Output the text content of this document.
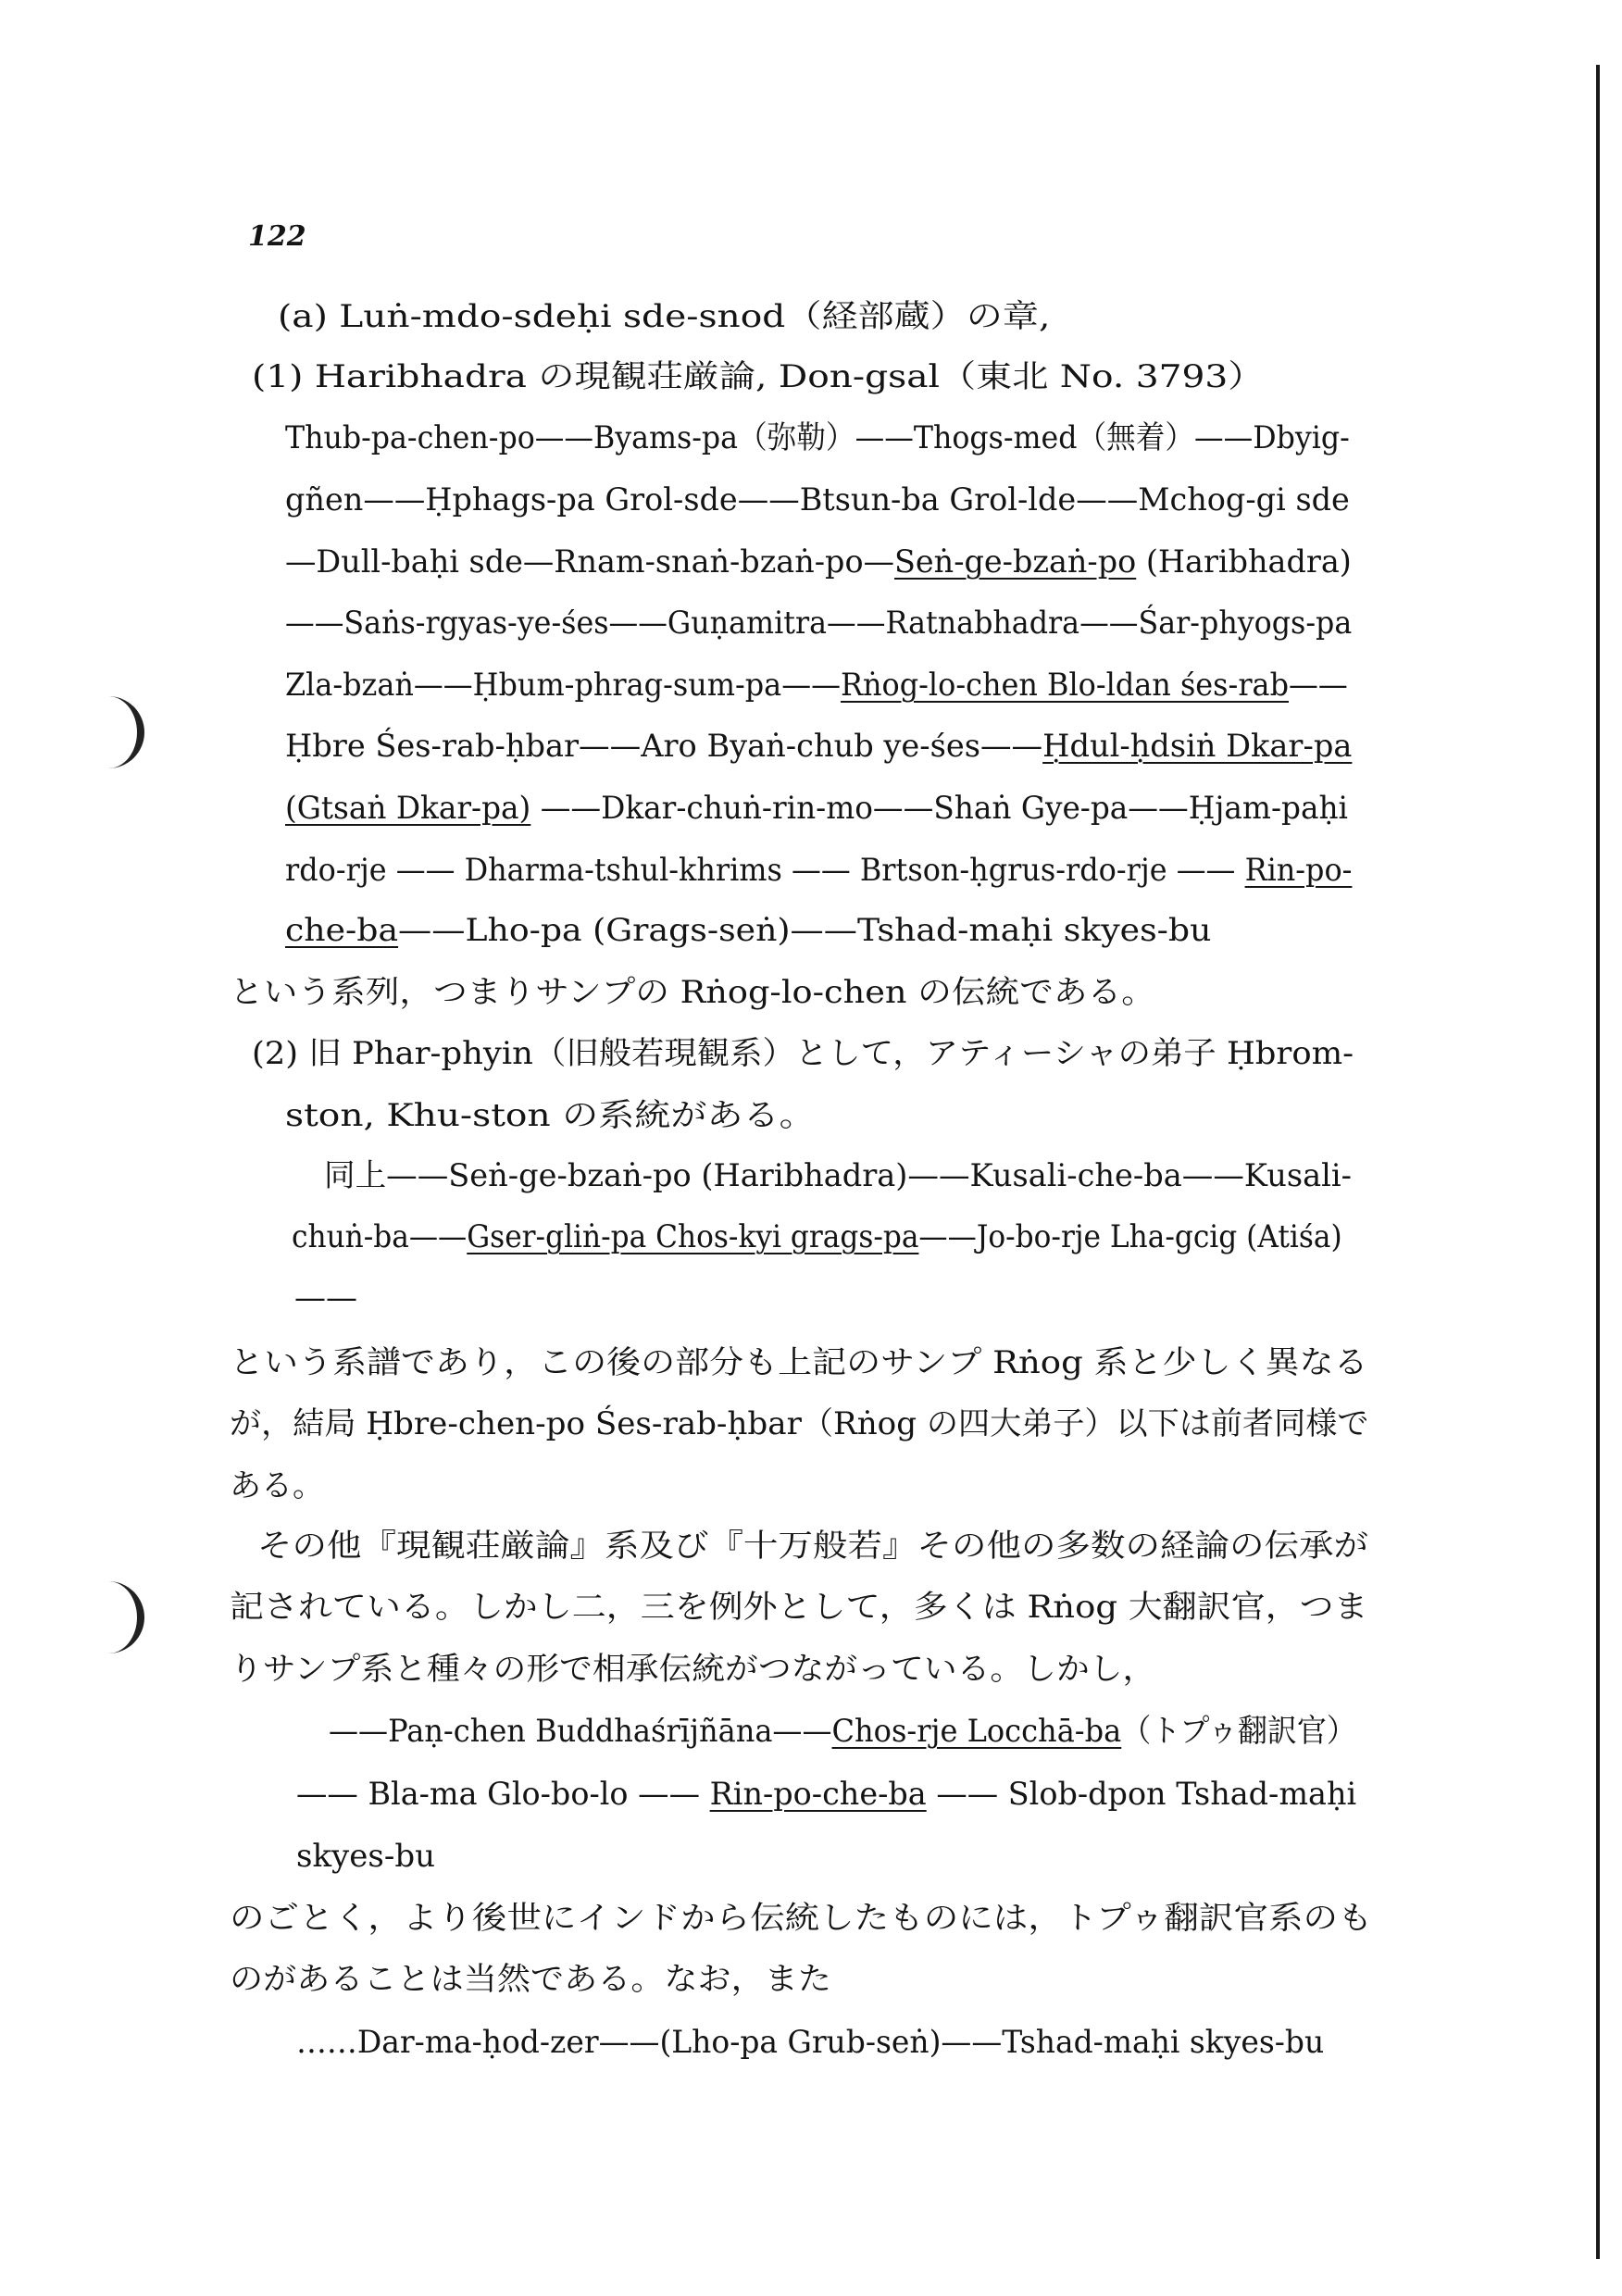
122
(a) Luṅ-mdo-sdeḥi sde-snod（経部蔵）の章,
(1) Haribhadra の現観荘厳論, Don-gsal（東北 No. 3793）
Thub-pa-chen-po——Byams-pa（弥勒）——Thogs-med（無着）——Dbyig-
gñen——Ḥphags-pa Grol-sde——Btsun-ba Grol-lde——Mchog-gi sde
—Dull-baḥi sde—Rnam-snaṅ-bzaṅ-po—Seṅ-ge-bzaṅ-po (Haribhadra)
——Saṅs-rgyas-ye-śes——Guṇamitra——Ratnabhadra——Śar-phyogs-pa
Zla-bzaṅ——Ḥbum-phrag-sum-pa——Rṅog-lo-chen Blo-ldan śes-rab——
Ḥbre Śes-rab-ḥbar——Aro Byaṅ-chub ye-śes——Ḥdul-ḥdsiṅ Dkar-pa
(Gtsaṅ Dkar-pa) ——Dkar-chuṅ-rin-mo——Shaṅ Gye-pa——Ḥjam-paḥi
rdo-rje —— Dharma-tshul-khrims —— Brtson-ḥgrus-rdo-rje —— Rin-po-
che-ba——Lho-pa (Grags-seṅ)——Tshad-maḥi skyes-bu
という系列，つまりサンプの Rṅog-lo-chen の伝統である。
(2) 旧 Phar-phyin（旧般若現観系）として，アティーシャの弟子 Ḥbrom-
ston, Khu-ston の系統がある。
同上——Seṅ-ge-bzaṅ-po (Haribhadra)——Kusali-che-ba——Kusali-
chuṅ-ba——Gser-gliṅ-pa Chos-kyi grags-pa——Jo-bo-rje Lha-gcig (Atiśa)
——
という系譜であり，この後の部分も上記のサンプ Rṅog 系と少しく異なる
が，結局 Ḥbre-chen-po Śes-rab-ḥbar（Rṅog の四大弟子）以下は前者同様で
ある。
その他『現観荘厳論』系及び『十万般若』その他の多数の経論の伝承が
記されている。しかし二，三を例外として，多くは Rṅog 大翻訳官，つま
りサンプ系と種々の形で相承伝統がつながっている。しかし，
——Paṇ-chen Buddhaśrījñāna——Chos-rje Locchā-ba（トプゥ翻訳官）
—— Bla-ma Glo-bo-lo —— Rin-po-che-ba —— Slob-dpon Tshad-maḥi
skyes-bu
のごとく，より後世にインドから伝統したものには，トプゥ翻訳官系のも
のがあることは当然である。なお，また
……Dar-ma-ḥod-zer——(Lho-pa Grub-seṅ)——Tshad-maḥi skyes-bu
